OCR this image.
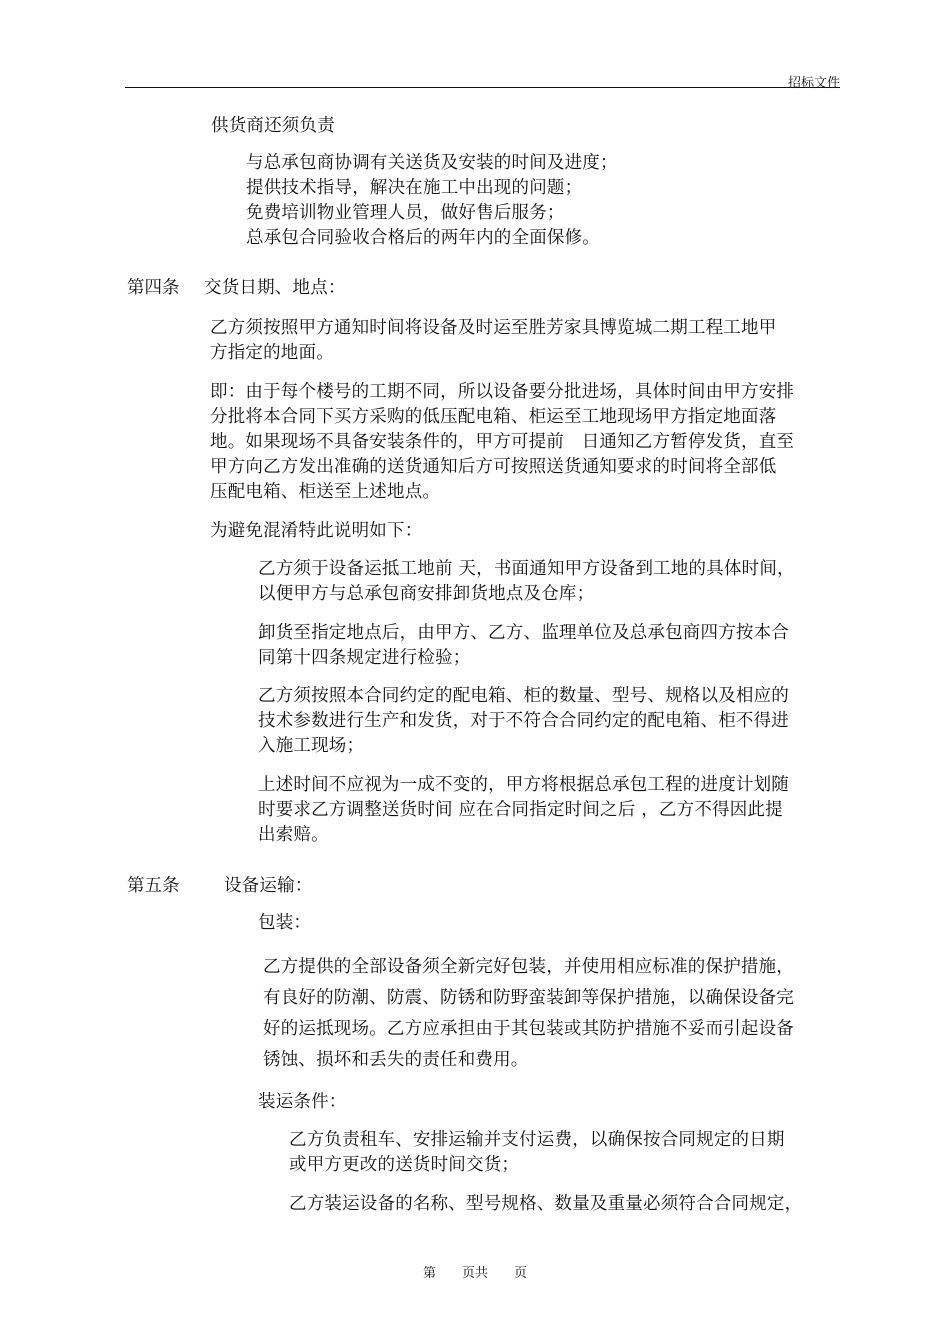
招标文件
供货商还须负责
与总承包商协调有关送货及安装的时间及进度；
提供技术指导，解决在施工中出现的问题；
免费培训物业管理人员，做好售后服务；
总承包合同验收合格后的两年内的全面保修。
第四条 交货日期、地点：
乙方须按照甲方通知时间将设备及时运至胜芳家具博览城二期工程工地甲
方指定的地面。
即：由于每个楼号的工期不同，所以设备要分批进场，具体时间由甲方安排
分批将本合同下买方采购的低压配电箱、柜运至工地现场甲方指定地面落
地。如果现场不具备安装条件的，甲方可提前　日通知乙方暂停发货，直至
甲方向乙方发出准确的送货通知后方可按照送货通知要求的时间将全部低
压配电箱、柜送至上述地点。
为避免混淆特此说明如下：
乙方须于设备运抵工地前 天，书面通知甲方设备到工地的具体时间，
以便甲方与总承包商安排卸货地点及仓库；
卸货至指定地点后，由甲方、乙方、监理单位及总承包商四方按本合
同第十四条规定进行检验；
乙方须按照本合同约定的配电箱、柜的数量、型号、规格以及相应的
技术参数进行生产和发货，对于不符合合同约定的配电箱、柜不得进
入施工现场；
上述时间不应视为一成不变的，甲方将根据总承包工程的进度计划随
时要求乙方调整送货时间 应在合同指定时间之后 ，乙方不得因此提
出索赔。
第五条	设备运输：
包装：
乙方提供的全部设备须全新完好包装，并使用相应标准的保护措施，
有良好的防潮、防震、防锈和防野蛮装卸等保护措施，以确保设备完
好的运抵现场。乙方应承担由于其包装或其防护措施不妥而引起设备
锈蚀、损坏和丢失的责任和费用。
装运条件：
乙方负责租车、安排运输并支付运费，以确保按合同规定的日期
或甲方更改的送货时间交货；
乙方装运设备的名称、型号规格、数量及重量必须符合合同规定，
第 页共 页
